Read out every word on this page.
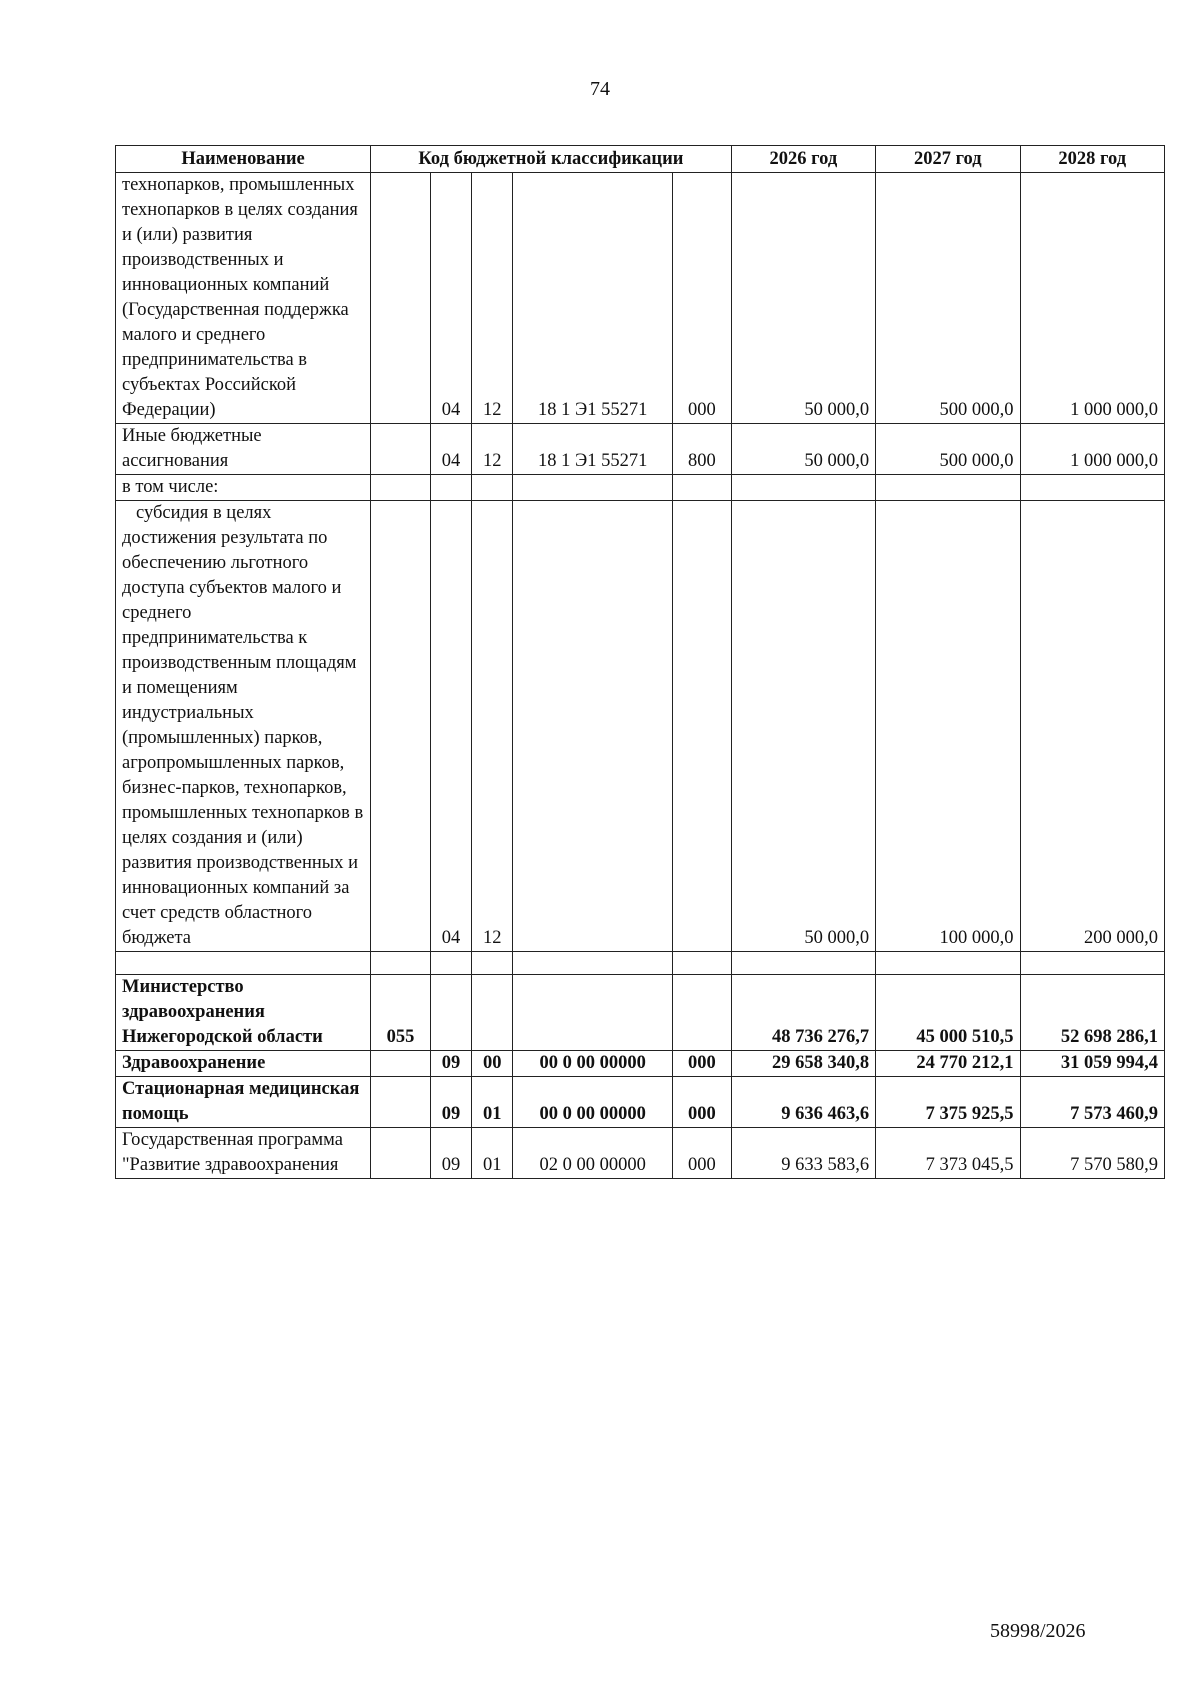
74
Наименование	Код бюджетной классификации					2026 год	2027 год	2028 год
технопарков, промышленных технопарков в целях создания и (или) развития производственных и инновационных компаний (Государственная поддержка малого и среднего предпринимательства в субъектах Российской Федерации)		04	12	18 1 Э1 55271	000	50 000,0	500 000,0	1 000 000,0
Иные бюджетные ассигнования		04	12	18 1 Э1 55271	800	50 000,0	500 000,0	1 000 000,0
в том числе:								

субсидия в целях достижения результата по обеспечению льготного доступа субъектов малого и среднего предпринимательства к производственным площадям и помещениям индустриальных (промышленных) парков, агропромышленных парков, бизнес-парков, технопарков, промышленных технопарков в целях создания и (или) развития производственных и инновационных компаний за счет средств областного бюджета		04	12			50 000,0	100 000,0	200 000,0

Министерство здравоохранения Нижегородской области	055					48 736 276,7	45 000 510,5	52 698 286,1
Здравоохранение		09	00	00 0 00 00000	000	29 658 340,8	24 770 212,1	31 059 994,4
Стационарная медицинская помощь		09	01	00 0 00 00000	000	9 636 463,6	7 375 925,5	7 573 460,9
Государственная программа "Развитие здравоохранения		09	01	02 0 00 00000	000	9 633 583,6	7 373 045,5	7 570 580,9
58998/2026
